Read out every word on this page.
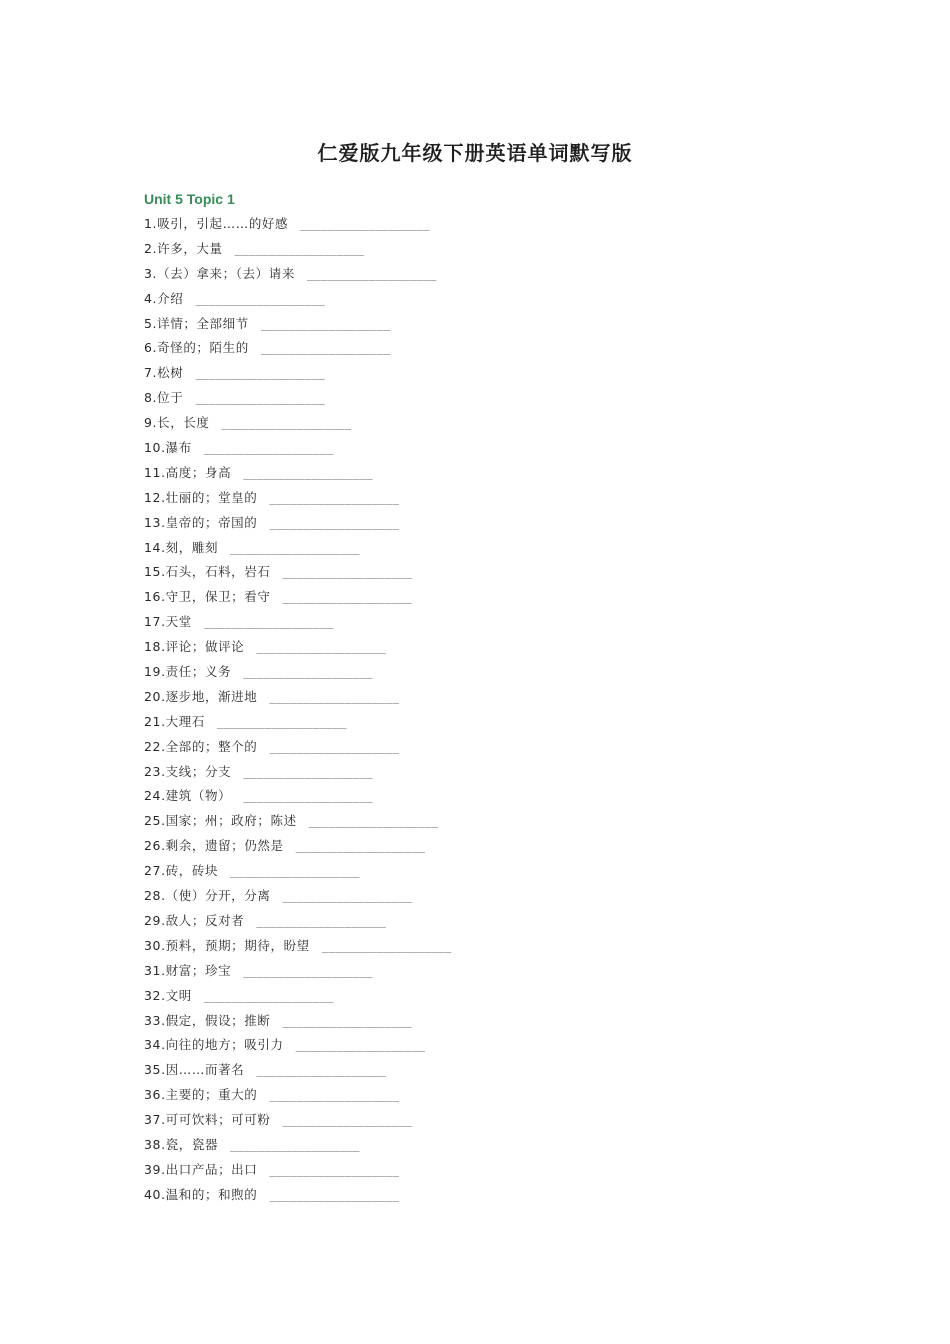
仁爱版九年级下册英语单词默写版
Unit 5 Topic 1
1.吸引，引起……的好感 ___________________
2.许多，大量 ___________________
3.（去）拿来；（去）请来 ___________________
4.介绍 ___________________
5.详情；全部细节 ___________________
6.奇怪的；陌生的 ___________________
7.松树 ___________________
8.位于 ___________________
9.长，长度 ___________________
10.瀑布 ___________________
11.高度；身高 ___________________
12.壮丽的；堂皇的 ___________________
13.皇帝的；帝国的 ___________________
14.刻，雕刻 ___________________
15.石头，石料，岩石 ___________________
16.守卫，保卫；看守 ___________________
17.天堂 ___________________
18.评论；做评论 ___________________
19.责任；义务 ___________________
20.逐步地，渐进地 ___________________
21.大理石 ___________________
22.全部的；整个的 ___________________
23.支线；分支 ___________________
24.建筑（物） ___________________
25.国家；州；政府；陈述 ___________________
26.剩余，遗留；仍然是 ___________________
27.砖，砖块 ___________________
28.（使）分开，分离 ___________________
29.敌人；反对者 ___________________
30.预料，预期；期待，盼望 ___________________
31.财富；珍宝 ___________________
32.文明 ___________________
33.假定，假设；推断 ___________________
34.向往的地方；吸引力 ___________________
35.因……而著名 ___________________
36.主要的；重大的 ___________________
37.可可饮料；可可粉 ___________________
38.瓷，瓷器 ___________________
39.出口产品；出口 ___________________
40.温和的；和煦的 ___________________
